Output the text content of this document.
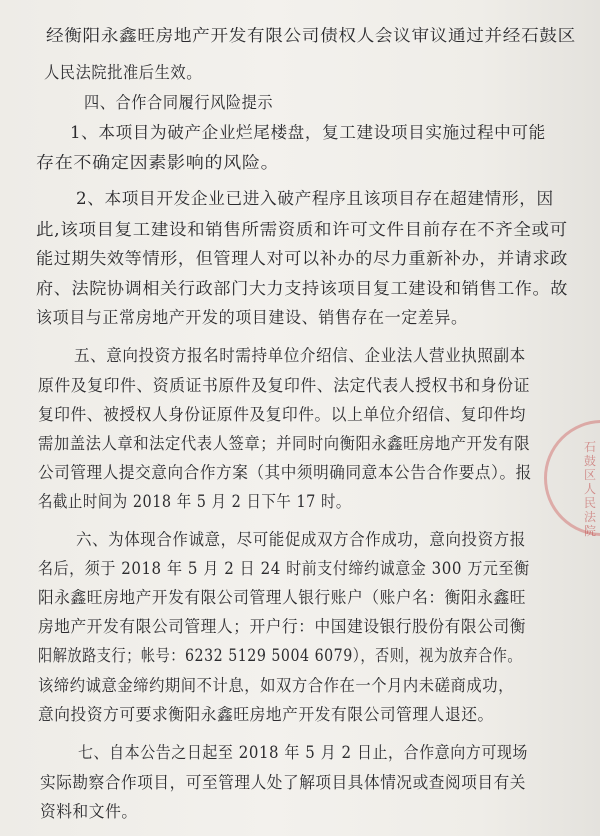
石鼓区人民法院
经衡阳永鑫旺房地产开发有限公司债权人会议审议通过并经石鼓区
人民法院批准后生效。
四、合作合同履行风险提示
1、本项目为破产企业烂尾楼盘，复工建设项目实施过程中可能
存在不确定因素影响的风险。
2、本项目开发企业已进入破产程序且该项目存在超建情形，因
此,该项目复工建设和销售所需资质和许可文件目前存在不齐全或可
能过期失效等情形，但管理人对可以补办的尽力重新补办，并请求政
府、法院协调相关行政部门大力支持该项目复工建设和销售工作。故
该项目与正常房地产开发的项目建设、销售存在一定差异。
五、意向投资方报名时需持单位介绍信、企业法人营业执照副本
原件及复印件、资质证书原件及复印件、法定代表人授权书和身份证
复印件、被授权人身份证原件及复印件。以上单位介绍信、复印件均
需加盖法人章和法定代表人签章；并同时向衡阳永鑫旺房地产开发有限
公司管理人提交意向合作方案（其中须明确同意本公告合作要点）。报
名截止时间为 2018 年 5 月 2 日下午 17 时。
六、为体现合作诚意，尽可能促成双方合作成功，意向投资方报
名后，须于 2018 年 5 月 2 日 24 时前支付缔约诚意金 300 万元至衡
阳永鑫旺房地产开发有限公司管理人银行账户（账户名：衡阳永鑫旺
房地产开发有限公司管理人；开户行：中国建设银行股份有限公司衡
阳解放路支行；帐号：6232 5129 5004 6079），否则，视为放弃合作。
该缔约诚意金缔约期间不计息，如双方合作在一个月内未磋商成功，
意向投资方可要求衡阳永鑫旺房地产开发有限公司管理人退还。
七、自本公告之日起至 2018 年 5 月 2 日止，合作意向方可现场
实际勘察合作项目，可至管理人处了解项目具体情况或查阅项目有关
资料和文件。
